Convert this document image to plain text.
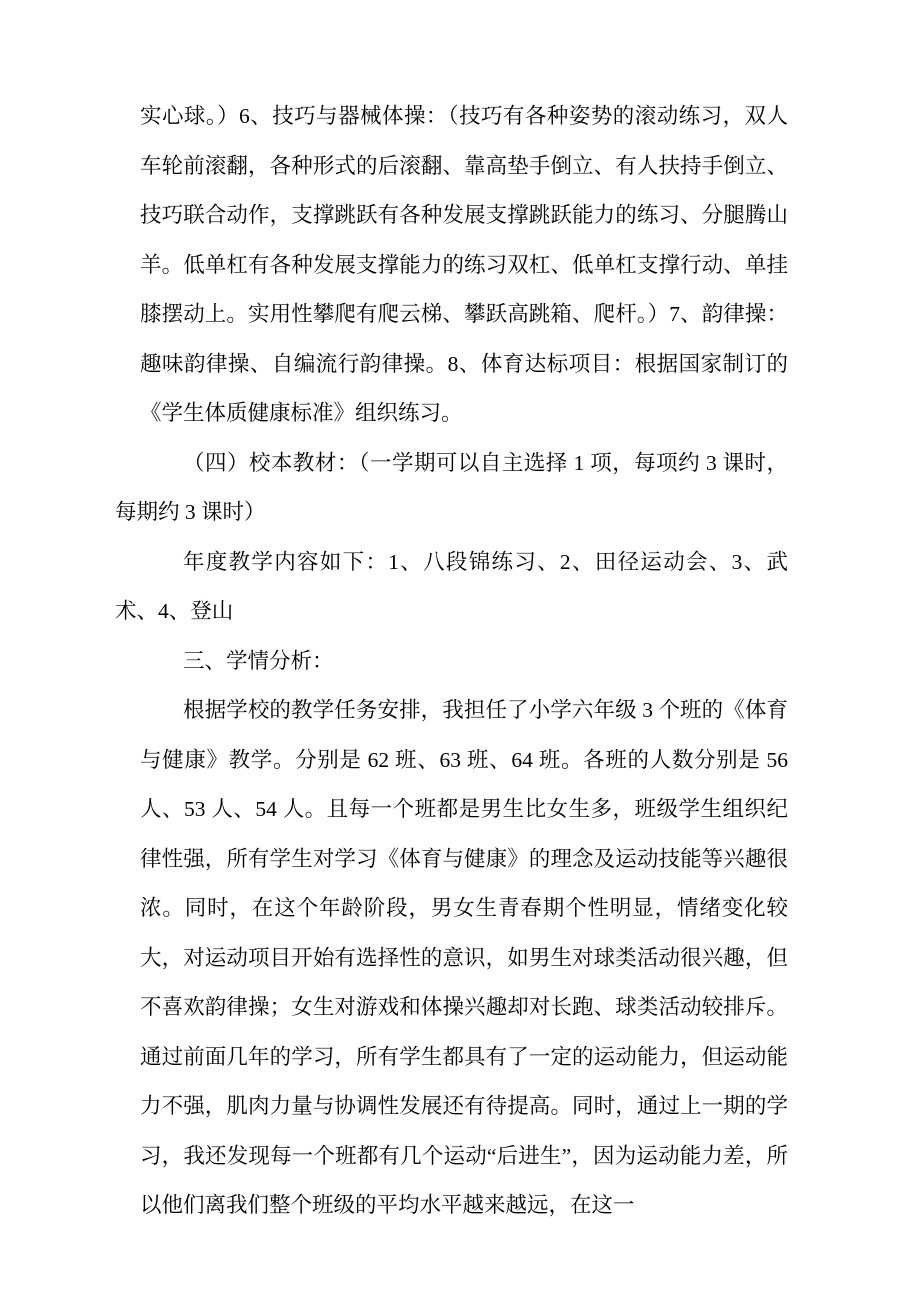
实心球。）6、技巧与器械体操：（技巧有各种姿势的滚动练习，双人车轮前滚翻，各种形式的后滚翻、靠高垫手倒立、有人扶持手倒立、技巧联合动作，支撑跳跃有各种发展支撑跳跃能力的练习、分腿腾山羊。低单杠有各种发展支撑能力的练习双杠、低单杠支撑行动、单挂膝摆动上。实用性攀爬有爬云梯、攀跃高跳箱、爬杆。）7、韵律操：趣味韵律操、自编流行韵律操。8、体育达标项目：根据国家制订的《学生体质健康标准》组织练习。

（四）校本教材：（一学期可以自主选择 1 项，每项约 3 课时，每期约 3 课时）

年度教学内容如下：1、八段锦练习、2、田径运动会、3、武术、4、登山

三、学情分析：

根据学校的教学任务安排，我担任了小学六年级 3 个班的《体育与健康》教学。分别是 62 班、63 班、64 班。各班的人数分别是 56 人、53 人、54 人。且每一个班都是男生比女生多，班级学生组织纪律性强，所有学生对学习《体育与健康》的理念及运动技能等兴趣很浓。同时，在这个年龄阶段，男女生青春期个性明显，情绪变化较大，对运动项目开始有选择性的意识，如男生对球类活动很兴趣，但不喜欢韵律操；女生对游戏和体操兴趣却对长跑、球类活动较排斥。通过前面几年的学习，所有学生都具有了一定的运动能力，但运动能力不强，肌肉力量与协调性发展还有待提高。同时，通过上一期的学习，我还发现每一个班都有几个运动“后进生”，因为运动能力差，所以他们离我们整个班级的平均水平越来越远，在这一
